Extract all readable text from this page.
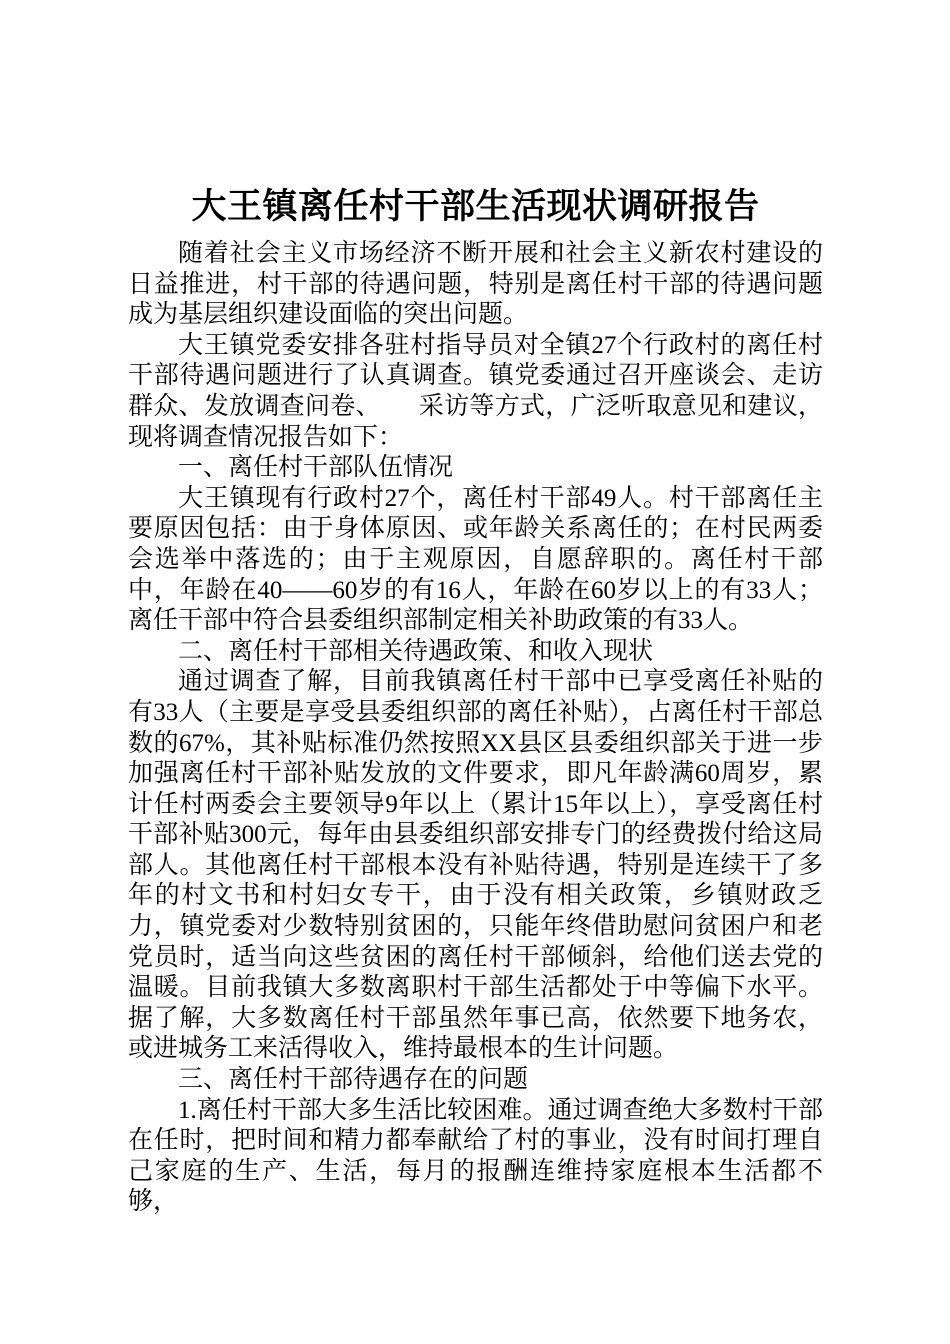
大王镇离任村干部生活现状调研报告

随着社会主义市场经济不断开展和社会主义新农村建设的日益推进，村干部的待遇问题，特别是离任村干部的待遇问题成为基层组织建设面临的突出问题。

大王镇党委安排各驻村指导员对全镇27个行政村的离任村干部待遇问题进行了认真调查。镇党委通过召开座谈会、走访群众、发放调查问卷、　　采访等方式，广泛听取意见和建议，现将调查情况报告如下：

一、离任村干部队伍情况

大王镇现有行政村27个，离任村干部49人。村干部离任主要原因包括：由于身体原因、或年龄关系离任的；在村民两委会选举中落选的；由于主观原因，自愿辞职的。离任村干部中，年龄在40——60岁的有16人，年龄在60岁以上的有33人；离任干部中符合县委组织部制定相关补助政策的有33人。

二、离任村干部相关待遇政策、和收入现状

通过调查了解，目前我镇离任村干部中已享受离任补贴的有33人（主要是享受县委组织部的离任补贴），占离任村干部总数的67%，其补贴标准仍然按照XX县区县委组织部关于进一步加强离任村干部补贴发放的文件要求，即凡年龄满60周岁，累计任村两委会主要领导9年以上（累计15年以上），享受离任村干部补贴300元，每年由县委组织部安排专门的经费拨付给这局部人。其他离任村干部根本没有补贴待遇，特别是连续干了多年的村文书和村妇女专干，由于没有相关政策，乡镇财政乏力，镇党委对少数特别贫困的，只能年终借助慰问贫困户和老党员时，适当向这些贫困的离任村干部倾斜，给他们送去党的温暖。目前我镇大多数离职村干部生活都处于中等偏下水平。据了解，大多数离任村干部虽然年事已高，依然要下地务农，或进城务工来活得收入，维持最根本的生计问题。

三、离任村干部待遇存在的问题

1.离任村干部大多生活比较困难。通过调查绝大多数村干部在任时，把时间和精力都奉献给了村的事业，没有时间打理自己家庭的生产、生活，每月的报酬连维持家庭根本生活都不够，
